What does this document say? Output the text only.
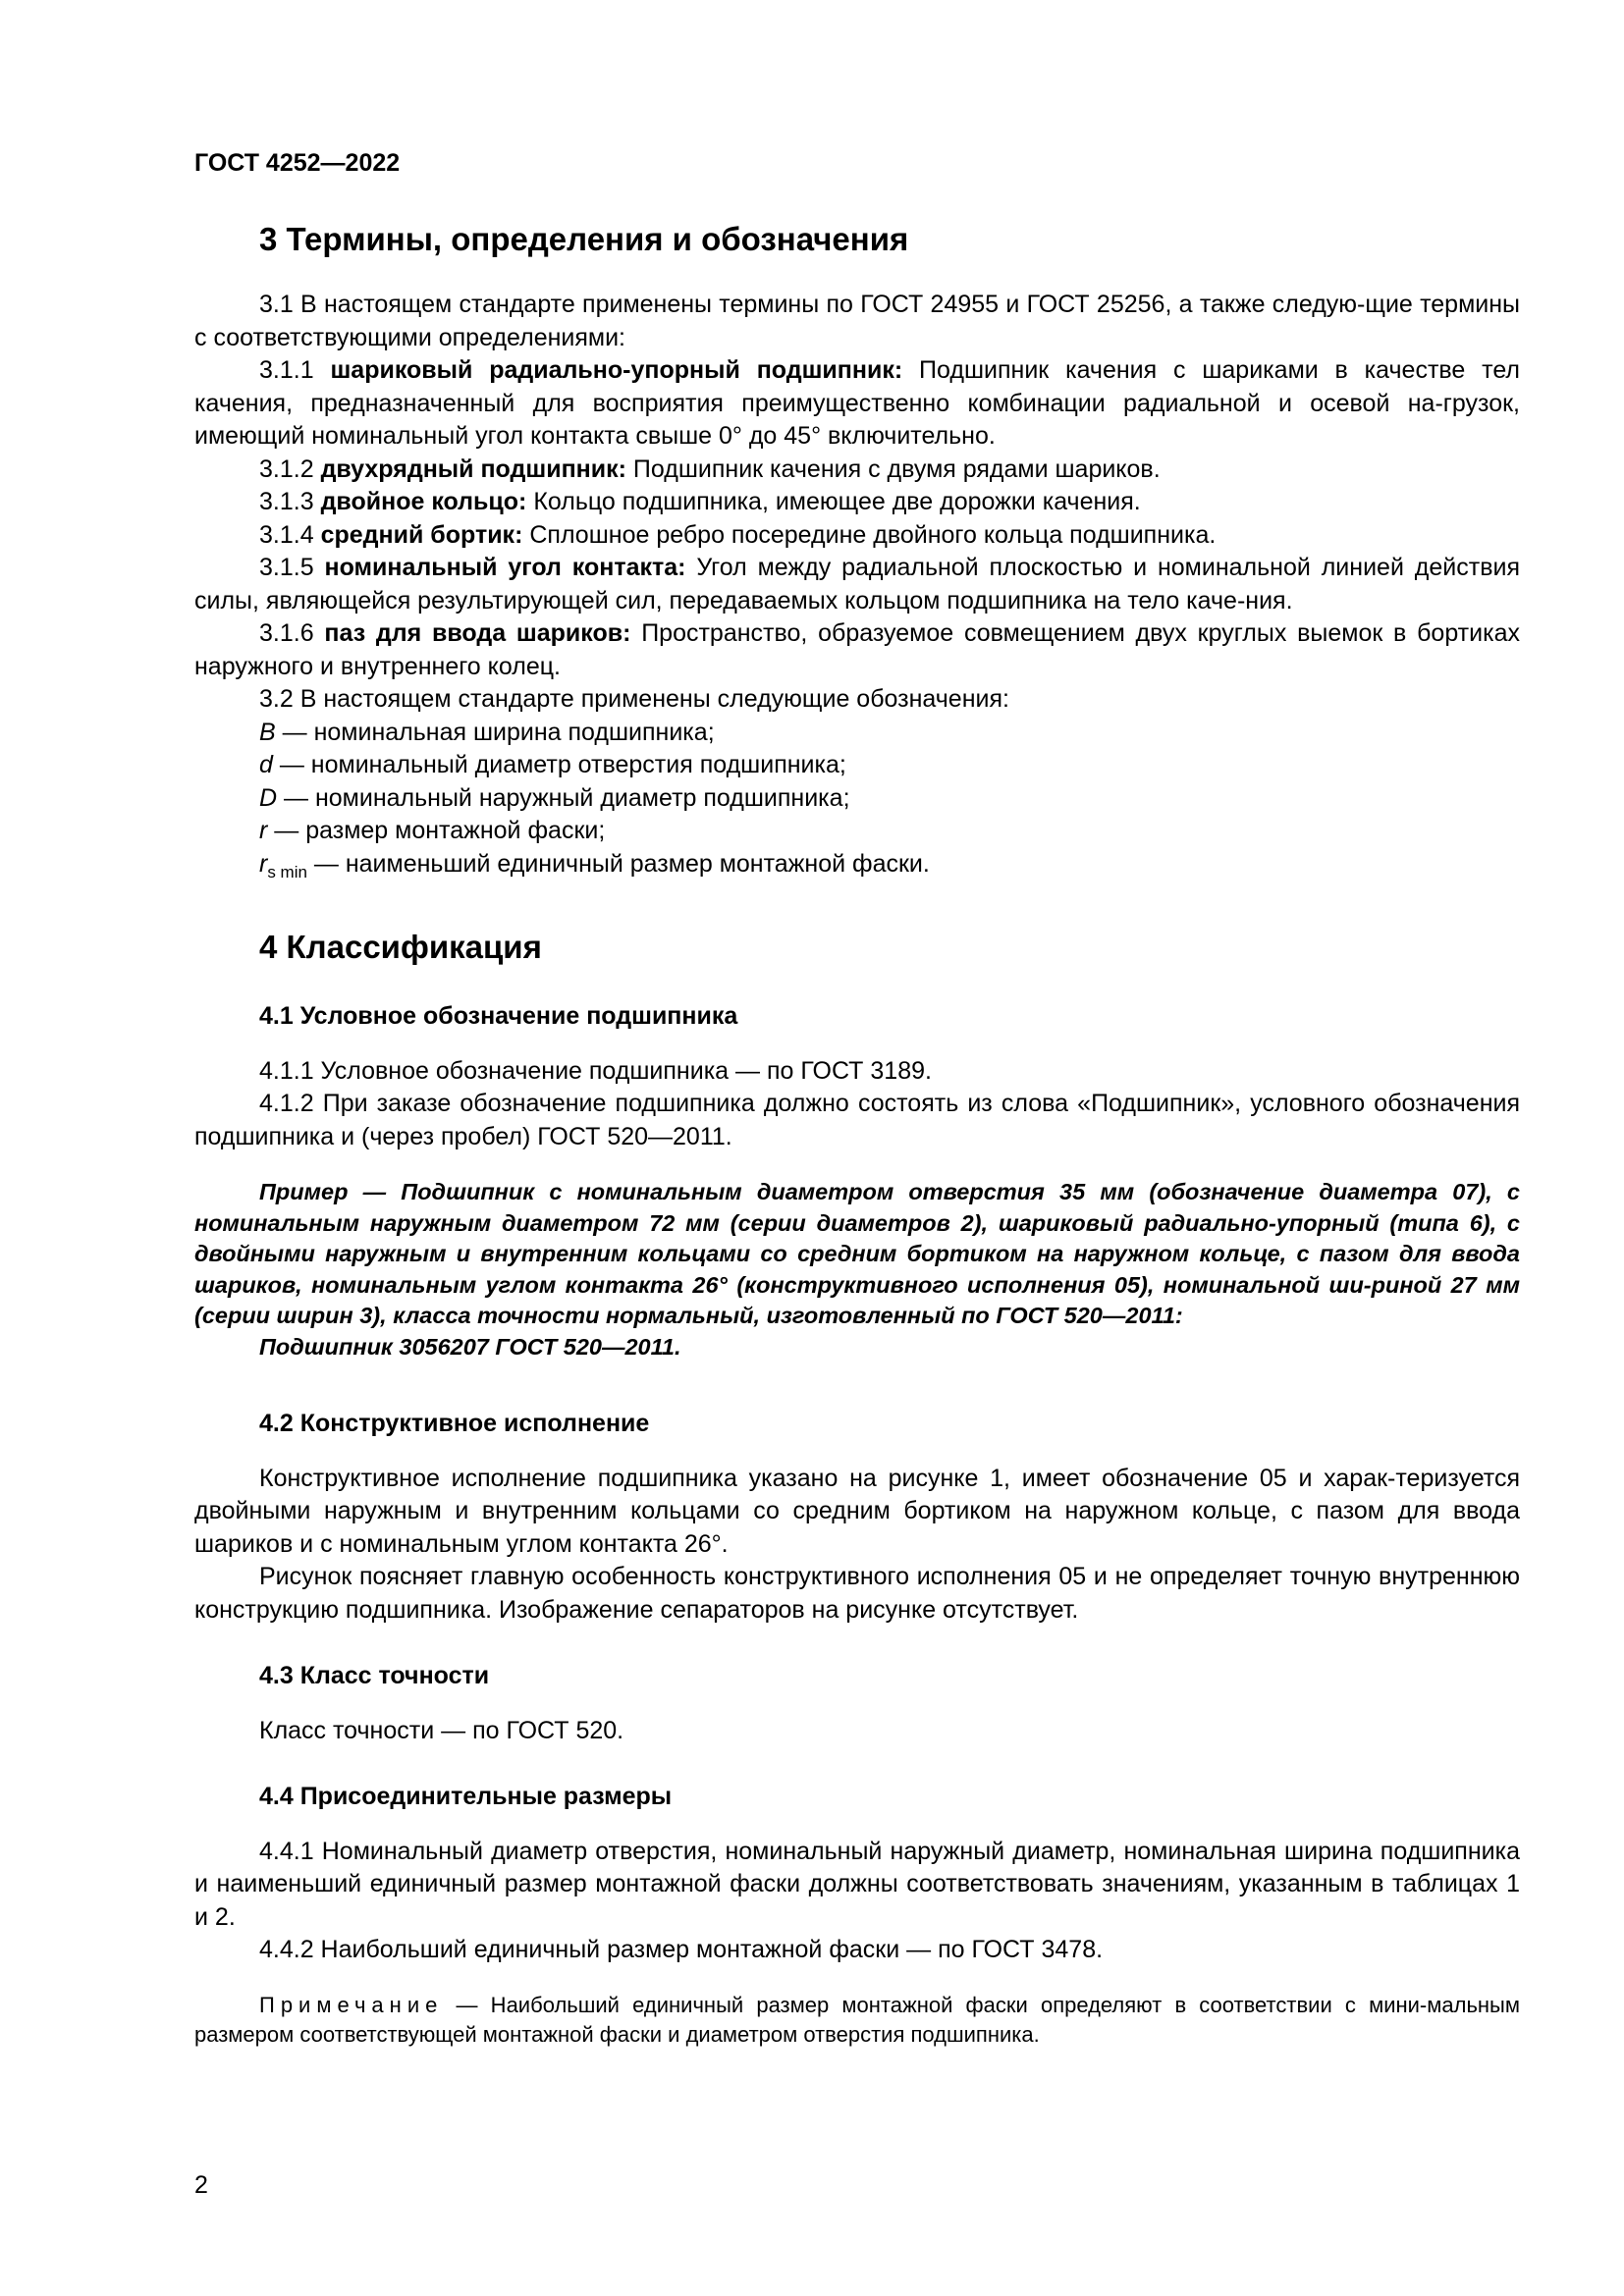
ГОСТ 4252—2022
3 Термины, определения и обозначения

3.1 В настоящем стандарте применены термины по ГОСТ 24955 и ГОСТ 25256, а также следую-щие термины с соответствующими определениями:

3.1.1 шариковый радиально-упорный подшипник: Подшипник качения с шариками в качестве тел качения, предназначенный для восприятия преимущественно комбинации радиальной и осевой на-грузок, имеющий номинальный угол контакта свыше 0° до 45° включительно.

3.1.2 двухрядный подшипник: Подшипник качения с двумя рядами шариков.

3.1.3 двойное кольцо: Кольцо подшипника, имеющее две дорожки качения.

3.1.4 средний бортик: Сплошное ребро посередине двойного кольца подшипника.

3.1.5 номинальный угол контакта: Угол между радиальной плоскостью и номинальной линией действия силы, являющейся результирующей сил, передаваемых кольцом подшипника на тело каче-ния.

3.1.6 паз для ввода шариков: Пространство, образуемое совмещением двух круглых выемок в бортиках наружного и внутреннего колец.

3.2 В настоящем стандарте применены следующие обозначения:

B — номинальная ширина подшипника;
d — номинальный диаметр отверстия подшипника;
D — номинальный наружный диаметр подшипника;
r — размер монтажной фаски;
$r_{s min}$ — наименьший единичный размер монтажной фаски.
4 Классификация
4.1 Условное обозначение подшипника

4.1.1 Условное обозначение подшипника — по ГОСТ 3189.

4.1.2 При заказе обозначение подшипника должно состоять из слова «Подшипник», условного обозначения подшипника и (через пробел) ГОСТ 520—2011.

Пример — Подшипник с номинальным диаметром отверстия 35 мм (обозначение диаметра 07), с номинальным наружным диаметром 72 мм (серии диаметров 2), шариковый радиально-упорный (типа 6), с двойными наружным и внутренним кольцами со средним бортиком на наружном кольце, с пазом для ввода шариков, номинальным углом контакта 26° (конструктивного исполнения 05), номинальной ши-риной 27 мм (серии ширин 3), класса точности нормальный, изготовленный по ГОСТ 520—2011:

Подшипник 3056207 ГОСТ 520—2011.
4.2 Конструктивное исполнение

Конструктивное исполнение подшипника указано на рисунке 1, имеет обозначение 05 и харак-теризуется двойными наружным и внутренним кольцами со средним бортиком на наружном кольце, с пазом для ввода шариков и с номинальным углом контакта 26°.

Рисунок поясняет главную особенность конструктивного исполнения 05 и не определяет точную внутреннюю конструкцию подшипника. Изображение сепараторов на рисунке отсутствует.

4.3 Класс точности

Класс точности — по ГОСТ 520.

4.4 Присоединительные размеры

4.4.1 Номинальный диаметр отверстия, номинальный наружный диаметр, номинальная ширина подшипника и наименьший единичный размер монтажной фаски должны соответствовать значениям, указанным в таблицах 1 и 2.

4.4.2 Наибольший единичный размер монтажной фаски — по ГОСТ 3478.

Примечание — Наибольший единичный размер монтажной фаски определяют в соответствии с мини-мальным размером соответствующей монтажной фаски и диаметром отверстия подшипника.

2
